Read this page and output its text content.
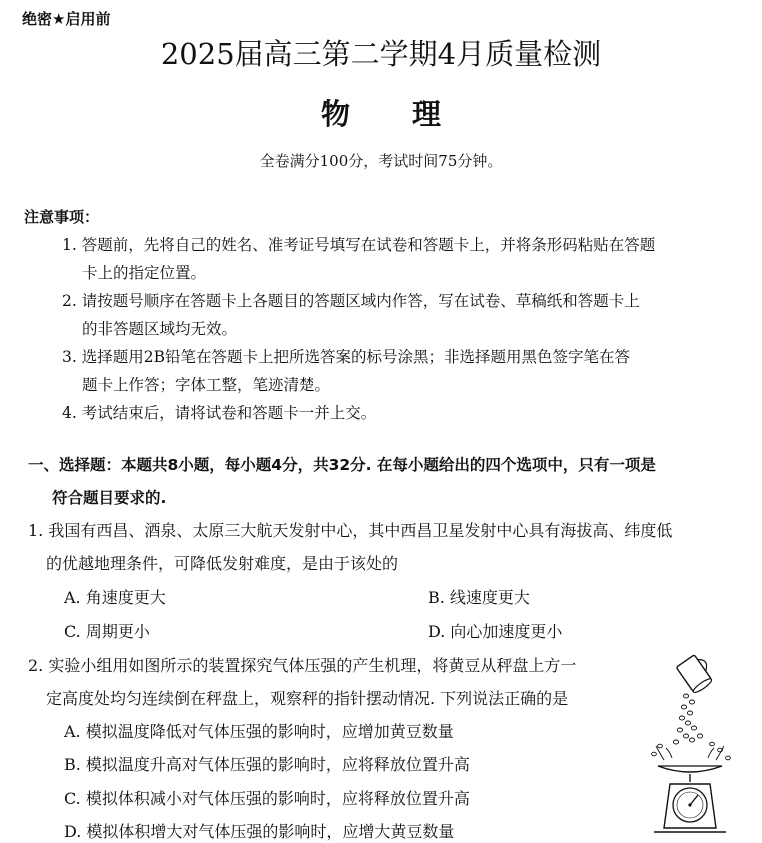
绝密★启用前
2025届高三第二学期4月质量检测
物理
全卷满分100分，考试时间75分钟。
注意事项：
1. 答题前，先将自己的姓名、准考证号填写在试卷和答题卡上，并将条形码粘贴在答题
卡上的指定位置。
2. 请按题号顺序在答题卡上各题目的答题区域内作答，写在试卷、草稿纸和答题卡上
的非答题区域均无效。
3. 选择题用2B铅笔在答题卡上把所选答案的标号涂黑；非选择题用黑色签字笔在答
题卡上作答；字体工整，笔迹清楚。
4. 考试结束后，请将试卷和答题卡一并上交。
一、选择题：本题共8小题，每小题4分，共32分. 在每小题给出的四个选项中，只有一项是
符合题目要求的.
1. 我国有西昌、酒泉、太原三大航天发射中心，其中西昌卫星发射中心具有海拔高、纬度低
的优越地理条件，可降低发射难度，是由于该处的
A. 角速度更大	B. 线速度更大
C. 周期更小	D. 向心加速度更小
2. 实验小组用如图所示的装置探究气体压强的产生机理，将黄豆从秤盘上方一
定高度处均匀连续倒在秤盘上，观察秤的指针摆动情况. 下列说法正确的是
A. 模拟温度降低对气体压强的影响时，应增加黄豆数量
B. 模拟温度升高对气体压强的影响时，应将释放位置升高
C. 模拟体积减小对气体压强的影响时，应将释放位置升高
D. 模拟体积增大对气体压强的影响时，应增大黄豆数量
